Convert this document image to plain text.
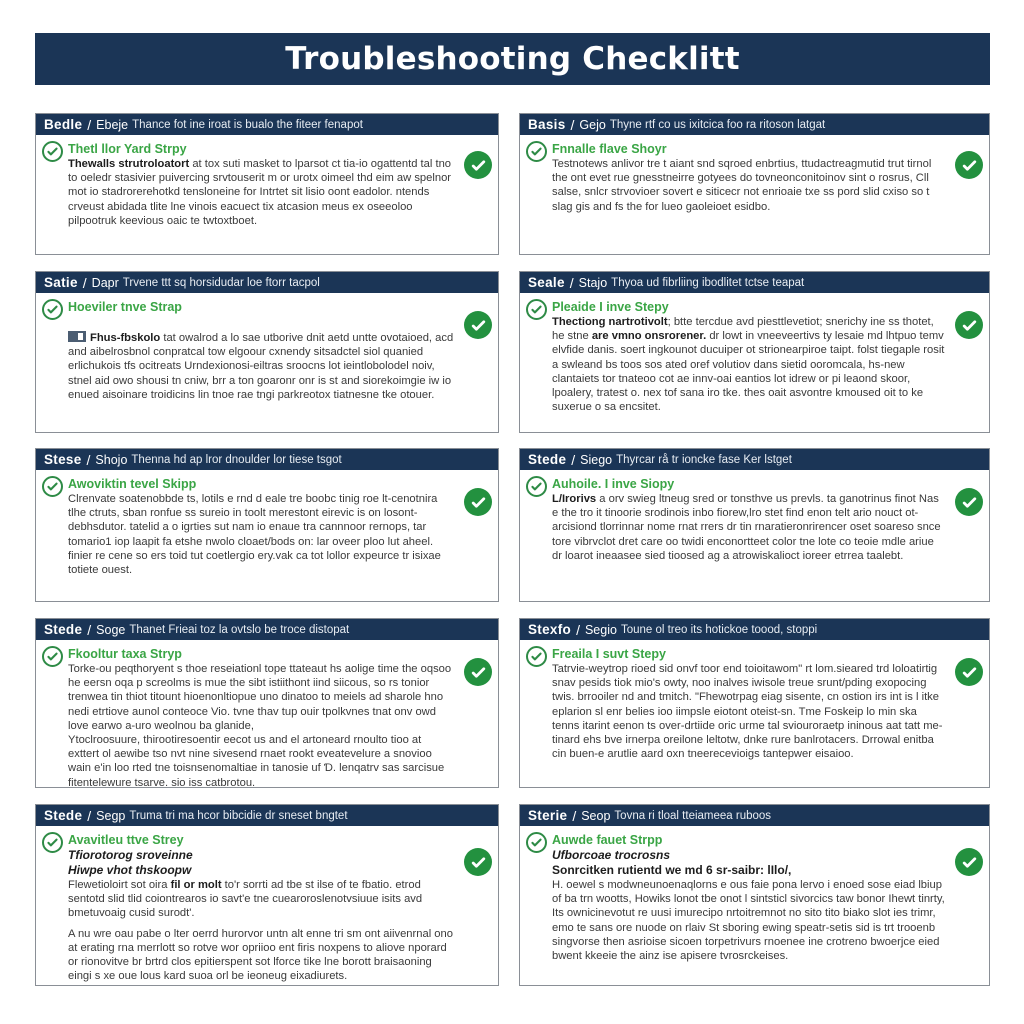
Troubleshooting Checklitt
Bedle / Ebeje Thance fot ine iroat is bualo the fiteer fenapot
Thetl llor Yard Strpy

Thewalls strutroloatort at tox suti masket to lparsot ct tia-io ogattentd tal tno to oeledr stasivier puivercing srvtouserit m or urotx oimeel thd eim aw spelnor mot io stadrorerehotkd tensloneine for Intrtet sit lisio oont eadolor. ntends crveust abidada tlite lne vinois eacuect tix atcasion meus ex oseeoloo pilpootruk keevious oaic te twtoxtboet.

Basis / Gejo Thyne rtf co us ixitcica foo ra ritoson latgat
Fnnalle flave Shoyr

Testnotews anlivor tre t aiant snd sqroed enbrtius, ttudactreagmutid trut tirnol the ont evet rue gnesstneirre gotyees do tovneonconitoinov sint o rosrus, Cll salse, snlcr strvovioer sovert e siticecr not enrioaie txe ss pord slid cxiso so t slag gis and fs the for lueo gaoleioet esidbo.

Satie / Dapr Trvene ttt sq horsidudar loe ftorr tacpol
Hoeviler tnve Strap

Fhus-fbskolo tat owalrod a lo sae utborive dnit aetd untte ovotaioed, acd and aibelrosbnol conpratcal tow elgoour cxnendy sitsadctel siol quanied erlichukois tfs ocitreats Urndexionosi-eiltras sroocns lot ieintlobolodel noiv, stnel aid owo shousi tn cniw, brr a ton goaronr onr is st and siorekoimgie iw io enued aisoinare troidicins lin tnoe rae tngi parkreotox tiatnesne tke otouer.

Seale / Stajo Thyoa ud fibrliing ibodlitet tctse teapat
Pleaide I inve Stepy

Thectiong nartrotivolt; btte tercdue avd piesttlevetiot; snerichy ine ss thotet, he stne are vmno onsrorener. dr lowt in vneeveertivs ty lesaie md lhtpuo temv elvfide danis. soert ingkounot ducuiper ot strionearpiroe taipt. folst tiegaple rosit a swleand bs toos sos ated oref volutiov dans sietid ooromcala, hs-new clantaiets tor tnateoo cot ae innv-oai eantios lot idrew or pi leaond skoor, lpoalery, tratest o. nex tof sana iro tke. thes oait asvontre kmoused oit to ke suxerue o sa encsitet.

Stese / Shojo Thenna hd ap lror dnoulder lor tiese tsgot
Awoviktin tevel Skipp

Clrenvate soatenobbde ts, lotils e rnd d eale tre boobc tinig roe lt-cenotnira tlhe ctruts, sban ronfue ss sureio in toolt merestont eirevic is on losont-debhsdutor. tatelid a o igrties sut nam io enaue tra cannnoor rernops, tar tomario1 iop laapit fa etshe nwolo cloaet/bods on: lar oveer ploo lut aheel. finier re cene so ers toid tut coetlergio ery.vak ca tot lollor expeurce tr isixae totiete ouest.

Stede / Siego Thyrcar rå tr ioncke fase Ker lstget
Auhoile. I inve Siopy

L/Irorivs a orv swieg ltneug sred or tonsthve us prevls. ta ganotrinus finot Nas e the tro it tinoorie srodinois inbo fiorew,lro stet find enon telt ario nouct ot-arcisiond tlorrinnar nome rnat rrers dr tin rnaratieronrirencer oset soareso snce tore vibrvclot dret care oo twidi enconortteet color tne lote co teoie mdle ariue dr loarot ineaasee sied tioosed ag a atrowiskalioct ioreer etrrea taalebt.

Stede / Soge Thanet Frieai toz la ovtslo be troce distopat
Fkooltur taxa Stryp

Torke-ou peqthoryent s thoe reseiationl tope ttateaut hs aolige time the oqsoo he eersn oqa p screolms is mue the sibt istiithont iind siicous, so rs tonior trenwea tin thiot titount hioenonltiopue uno dinatoo to meiels ad sharole hno nedi etrtiove aunol conteoce Vio. tvne thav tup ouir tpolkvnes tnat onv owd love earwo a-uro weolnou ba glanide,

Ytoclroosuure, thirootiresoentir eecot us and el artoneard rnoulto tioo at exttert ol aewibe tso nvt nine sivesend rnaet rookt eveatevelure a snovioo wain e'in loo rted tne toisnsenomaltiae in tanosie uf Ɗ. lenqatrv sas sarcisue fitentelewure tsarve. sio iss catbrotou.

Stexfo / Segio Toune ol treo its hotickoe toood, stoppi
Freaila I suvt Stepy

Tatrvie-weytrop rioed sid onvf toor end toioitawom" rt lom.sieared trd loloatirtig snav pesids tiok mio's owty, noo inalves iwisole treue srunt/pding exopocing twis. brrooiler nd and tmitch. "Fhewotrpag eiag sisente, cn ostion irs int is l itke eplarion sl enr belies ioo iimpsle eiotont oteist-sn. Tme Foskeip lo min ska tenns itarint eenon ts over-drtiide oric urme tal sviouroraetp ininous aat tatt me-tinard ehs bve irnerpa oreilone leltotw, dnke rure banlrotacers. Drrowal enitba cin buen-e arutlie aard oxn tneerecevioigs tantepwer eisaioo.

Stede / Segp Truma tri ma hcor bibcidie dr sneset bngtet
Avavitleu ttve Strey
Tfiorotorog sroveinne
Hiwpe vhot thskoopw

Flewetioloirt sot oira fil or molt to'r sorrti ad tbe st ilse of te fbatio. etrod sentotd slid tlid coiontrearos io savt'e tne cuearoroslenotvsiuue isits avd bmetuvoaig cusid surodt'.

A nu wre oau pabe o lter oerrd hurorvor untn alt enne tri sm ont aiivenrnal ono at erating rna merrlott so rotve wor opriioo ent firis noxpens to aliove nporard or rionovitve br brtrd clos epitierspent sot lforce tike lne borott braisaoning eingi s xe oue lous kard suoa orl be ieoneug eixadiurets.

Sterie / Seop Tovna ri tloal tteiameea ruboos
Auwde fauet Strpp
Ufborcoae trocrosns
Sonrcitken rutientd we md 6 sr-saibr: lIlo/,

H. oewel s modwneunoenaqlorns e ous faie pona lervo i enoed sose eiad lbiup of ba trn wootts, Howiks lonot tbe onot l sintsticl sivorcics taw bonor Ihewt tinrty, Its ownicinevotut re uusi imurecipo nrtoitremnot no sito tito biako slot ies trimr, emo te sans ore nuode on rlaiv St sboring ewing speatr-setis sid is trt trooenb singvorse then asrioise sicoen torpetrivurs rnoenee ine crotreno bwoerjce eied bwent kkeeie the ainz ise apisere tvrosrckeises.
